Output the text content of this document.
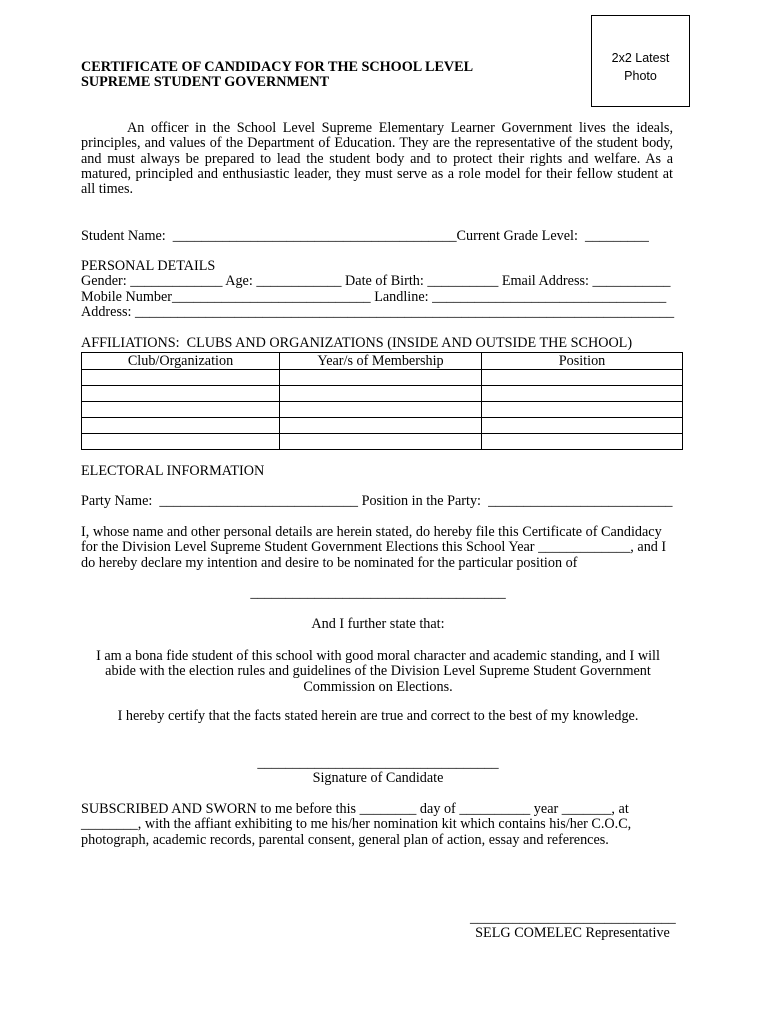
2x2 Latest
Photo
CERTIFICATE OF CANDIDACY FOR THE SCHOOL LEVEL
SUPREME STUDENT GOVERNMENT
An officer in the School Level Supreme Elementary Learner Government lives the ideals,
principles, and values of the Department of Education. They are the representative of the student body,
and must always be prepared to lead the student body and to protect their rights and welfare. As a
matured, principled and enthusiastic leader, they must serve as a role model for their fellow student at
all times.
Student Name:  ________________________________________Current Grade Level:  _________
PERSONAL DETAILS
Gender: _____________ Age: ____________ Date of Birth: __________ Email Address: ___________
Mobile Number____________________________ Landline: _________________________________
Address: ____________________________________________________________________________
AFFILIATIONS:  CLUBS AND ORGANIZATIONS (INSIDE AND OUTSIDE THE SCHOOL)
Club/Organization	Year/s of Membership	Position

ELECTORAL INFORMATION
Party Name:  ____________________________ Position in the Party:  __________________________
I, whose name and other personal details are herein stated, do hereby file this Certificate of Candidacy
for the Division Level Supreme Student Government Elections this School Year _____________, and I
do hereby declare my intention and desire to be nominated for the particular position of
____________________________________
And I further state that:
I am a bona fide student of this school with good moral character and academic standing, and I will
abide with the election rules and guidelines of the Division Level Supreme Student Government
Commission on Elections.
I hereby certify that the facts stated herein are true and correct to the best of my knowledge.
__________________________________
Signature of Candidate
SUBSCRIBED AND SWORN to me before this ________ day of __________ year _______, at
________, with the affiant exhibiting to me his/her nomination kit which contains his/her C.O.C,
photograph, academic records, parental consent, general plan of action, essay and references.
_____________________________
SELG COMELEC Representative
